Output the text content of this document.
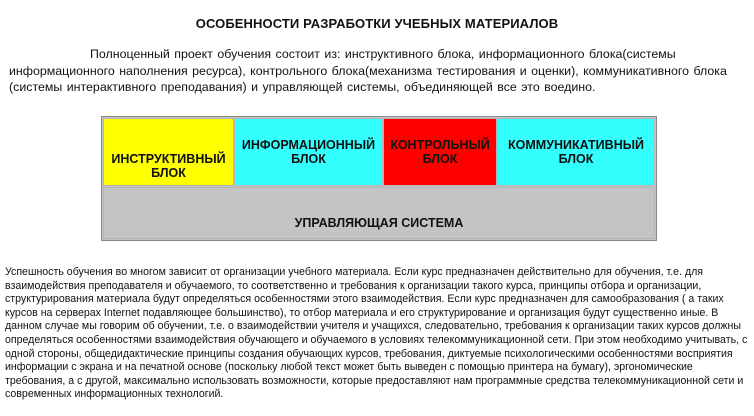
ОСОБЕННОСТИ РАЗРАБОТКИ УЧЕБНЫХ МАТЕРИАЛОВ
Полноценный проект обучения состоит из: инструктивного блока, информационного блока(системы информационного наполнения ресурса), контрольного блока(механизма тестирования и оценки), коммуникативного блока (системы интерактивного преподавания) и управляющей системы, объединяющей все это воедино.
ИНСТРУКТИВНЫЙ
БЛОК
ИНФОРМАЦИОННЫЙ
БЛОК
КОНТРОЛЬНЫЙ
БЛОК
КОММУНИКАТИВНЫЙ
БЛОК
УПРАВЛЯЮЩАЯ СИСТЕМА
Успешность обучения во многом зависит от организации учебного материала. Если курс предназначен действительно для обучения, т.е. для взаимодействия преподавателя и обучаемого, то соответственно и требования к организации такого курса, принципы отбора и организации, структурирования материала будут определяться особенностями этого взаимодействия. Если курс предназначен для самообразования ( а таких курсов на серверах Internet подавляющее большинство), то отбор материала и его структурирование и организация будут существенно иные. В данном случае мы говорим об обучении, т.е. о взаимодействии учителя и учащихся, следовательно, требования к организации таких курсов должны определяться особенностями взаимодействия обучающего и обучаемого в условиях телекоммуникационной сети. При этом необходимо учитывать, с одной стороны, общедидактические принципы создания обучающих курсов, требования, диктуемые психологическими особенностями восприятия информации с экрана и на печатной основе (поскольку любой текст может быть выведен с помощью принтера на бумагу), эргономические требования, а с другой, максимально использовать возможности, которые предоставляют нам программные средства телекоммуникационной сети и современных информационных технологий.
